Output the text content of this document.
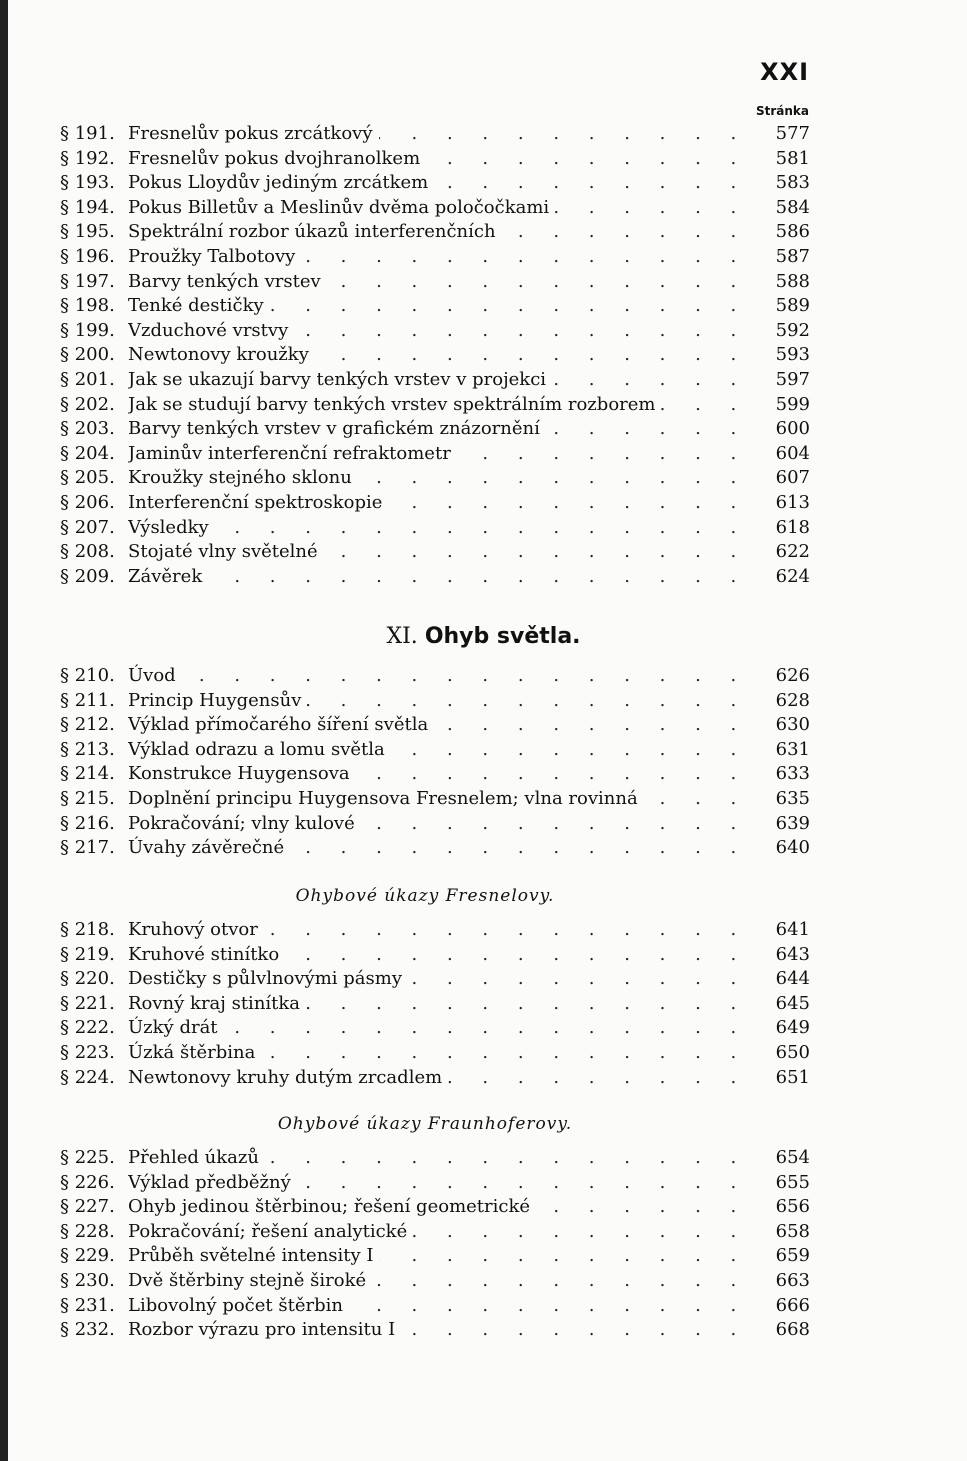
XXI
Stránka
§ 191. Fresnelův pokus zrcátkový . . .	577
§ 192. Fresnelův pokus dvojhranolkem . . .	581
§ 193. Pokus Lloydův jediným zrcátkem . . .	583
§ 194. Pokus Billetův a Meslinův dvěma poločočkami . . .	584
§ 195. Spektrální rozbor úkazů interferenčních . . .	586
§ 196. Proužky Talbotovy . . .	587
§ 197. Barvy tenkých vrstev . . .	588
§ 198. Tenké destičky . . .	589
§ 199. Vzduchové vrstvy . . .	592
§ 200. Newtonovy kroužky . . .	593
§ 201. Jak se ukazují barvy tenkých vrstev v projekci . . .	597
§ 202. Jak se studují barvy tenkých vrstev spektrálním rozborem . . .	599
§ 203. Barvy tenkých vrstev v grafickém znázornění . . .	600
§ 204. Jaminův interferenční refraktometr . . .	604
§ 205. Kroužky stejného sklonu . . .	607
§ 206. Interferenční spektroskopie . . .	613
§ 207. Výsledky . . .	618
§ 208. Stojaté vlny světelné . . .	622
§ 209. Závěrek . . .	624
XI. Ohyb světla.
§ 210. Úvod . . .	626
§ 211. Princip Huygensův . . .	628
§ 212. Výklad přímočarého šíření světla . . .	630
§ 213. Výklad odrazu a lomu světla . . .	631
§ 214. Konstrukce Huygensova . . .	633
§ 215. Doplnění principu Huygensova Fresnelem; vlna rovinná . . .	635
§ 216. Pokračování; vlny kulové . . .	639
§ 217. Úvahy závěrečné . . .	640
Ohybové úkazy Fresnelovy.
§ 218. Kruhový otvor . . .	641
§ 219. Kruhové stinítko . . .	643
§ 220. Destičky s půlvlnovými pásmy . . .	644
§ 221. Rovný kraj stinítka . . .	645
§ 222. Úzký drát . . .	649
§ 223. Úzká štěrbina . . .	650
§ 224. Newtonovy kruhy dutým zrcadlem . . .	651
Ohybové úkazy Fraunhoferovy.
§ 225. Přehled úkazů . . .	654
§ 226. Výklad předběžný . . .	655
§ 227. Ohyb jedinou štěrbinou; řešení geometrické . . .	656
§ 228. Pokračování; řešení analytické . . .	658
§ 229. Průběh světelné intensity I . . .	659
§ 230. Dvě štěrbiny stejně široké . . .	663
§ 231. Libovolný počet štěrbin . . .	666
§ 232. Rozbor výrazu pro intensitu I . . .	668
